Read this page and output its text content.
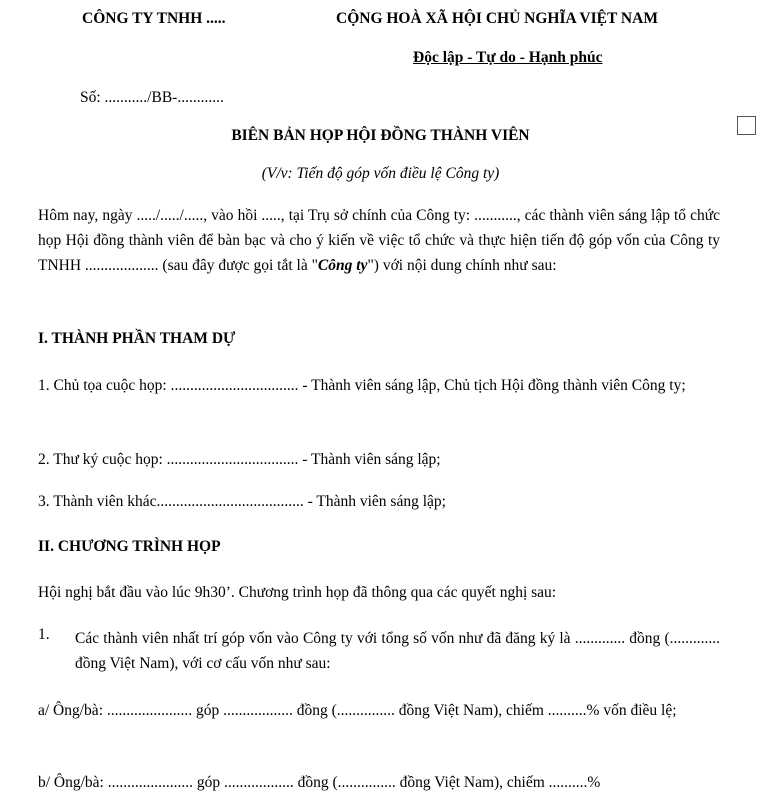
CÔNG TY TNHH .....	CỘNG HOÀ XÃ HỘI CHỦ NGHĨA VIỆT NAM
Độc lập - Tự do - Hạnh phúc
Số: .........../BB-............
BIÊN BẢN HỌP HỘI ĐỒNG THÀNH VIÊN
(V/v: Tiến độ góp vốn điều lệ Công ty)
Hôm nay, ngày ...../...../....., vào hồi ....., tại Trụ sở chính của Công ty: ..........., các thành viên sáng lập tổ chức họp Hội đồng thành viên để bàn bạc và cho ý kiến về việc tổ chức và thực hiện tiến độ góp vốn của Công ty TNHH ................... (sau đây được gọi tắt là "Công ty") với nội dung chính như sau:
I. THÀNH PHẦN THAM DỰ
1. Chủ tọa cuộc họp: ................................. - Thành viên sáng lập, Chủ tịch Hội đồng thành viên Công ty;
2. Thư ký cuộc họp: .................................. - Thành viên sáng lập;
3. Thành viên khác...................................... - Thành viên sáng lập;
II. CHƯƠNG TRÌNH HỌP
Hội nghị bắt đầu vào lúc 9h30’. Chương trình họp đã thông qua các quyết nghị sau:
1. Các thành viên nhất trí góp vốn vào Công ty với tổng số vốn như đã đăng ký là ............. đồng (............. đồng Việt Nam), với cơ cấu vốn như sau:
a/ Ông/bà: ...................... góp .................. đồng (............... đồng Việt Nam), chiếm ..........% vốn điều lệ;
b/ Ông/bà: ...................... góp .................. đồng (............... đồng Việt Nam), chiếm ..........%
